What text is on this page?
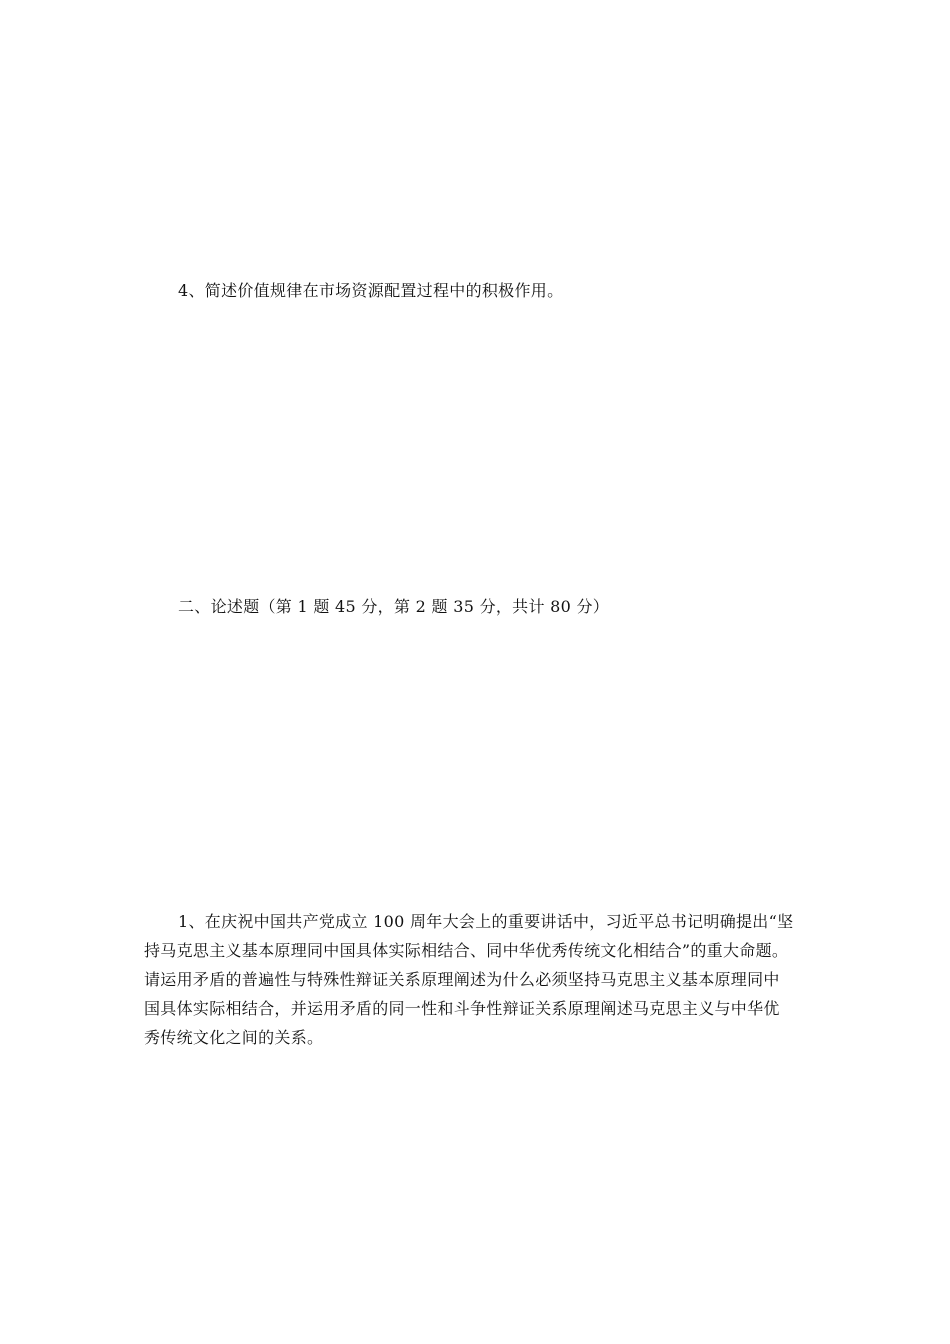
4、简述价值规律在市场资源配置过程中的积极作用。
二、论述题（第 1 题 45 分，第 2 题 35 分，共计 80 分）
1、在庆祝中国共产党成立 100 周年大会上的重要讲话中，习近平总书记明确提出“坚
持马克思主义基本原理同中国具体实际相结合、同中华优秀传统文化相结合”的重大命题。
请运用矛盾的普遍性与特殊性辩证关系原理阐述为什么必须坚持马克思主义基本原理同中
国具体实际相结合，并运用矛盾的同一性和斗争性辩证关系原理阐述马克思主义与中华优
秀传统文化之间的关系。
